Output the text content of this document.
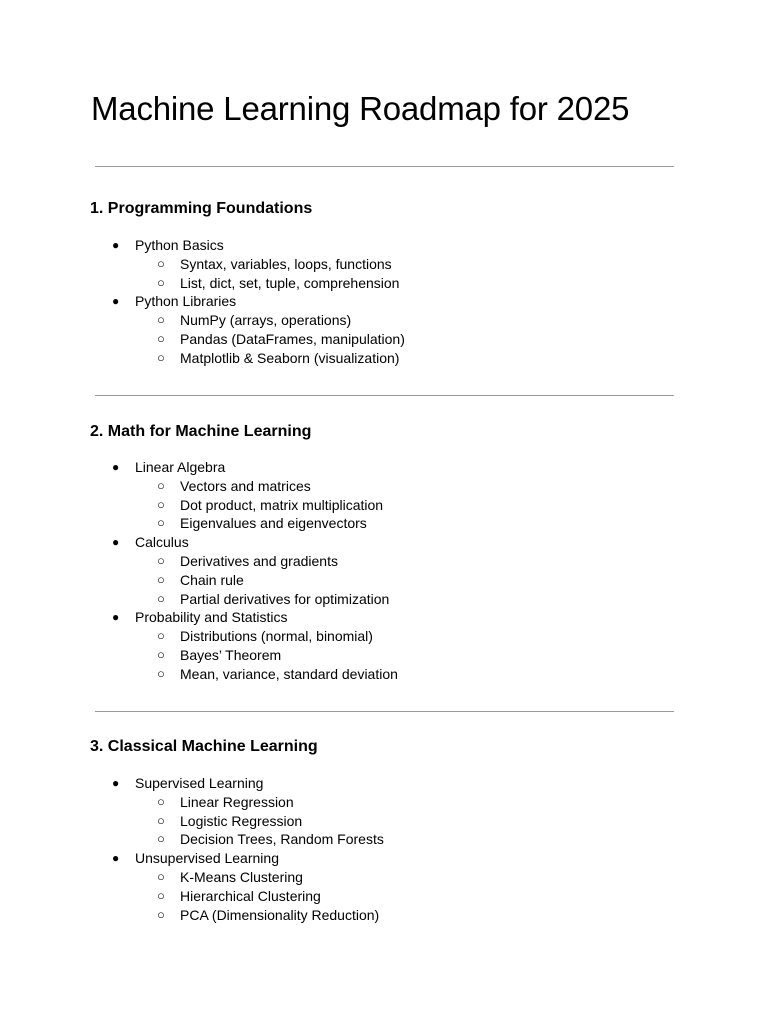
Machine Learning Roadmap for 2025
1. Programming Foundations
● Python Basics
○ Syntax, variables, loops, functions
○ List, dict, set, tuple, comprehension
● Python Libraries
○ NumPy (arrays, operations)
○ Pandas (DataFrames, manipulation)
○ Matplotlib & Seaborn (visualization)
2. Math for Machine Learning
● Linear Algebra
○ Vectors and matrices
○ Dot product, matrix multiplication
○ Eigenvalues and eigenvectors
● Calculus
○ Derivatives and gradients
○ Chain rule
○ Partial derivatives for optimization
● Probability and Statistics
○ Distributions (normal, binomial)
○ Bayes’ Theorem
○ Mean, variance, standard deviation
3. Classical Machine Learning
● Supervised Learning
○ Linear Regression
○ Logistic Regression
○ Decision Trees, Random Forests
● Unsupervised Learning
○ K-Means Clustering
○ Hierarchical Clustering
○ PCA (Dimensionality Reduction)
